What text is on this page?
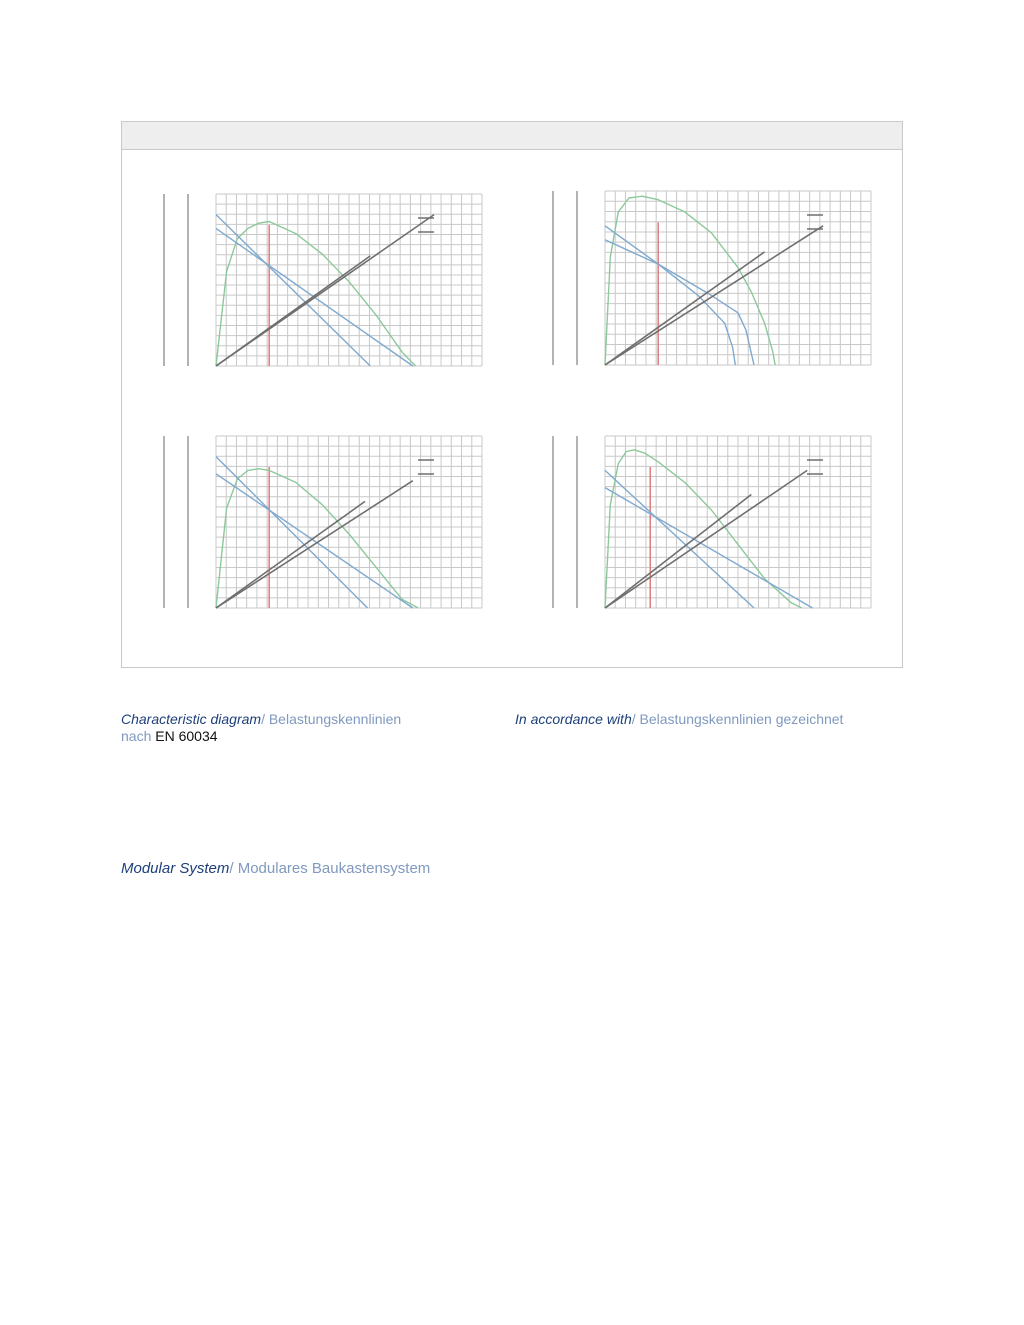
Characteristic diagram/ Belastungskennlinien
nach EN 60034
In accordance with/ Belastungskennlinien gezeichnet
Modular System/ Modulares Baukastensystem
